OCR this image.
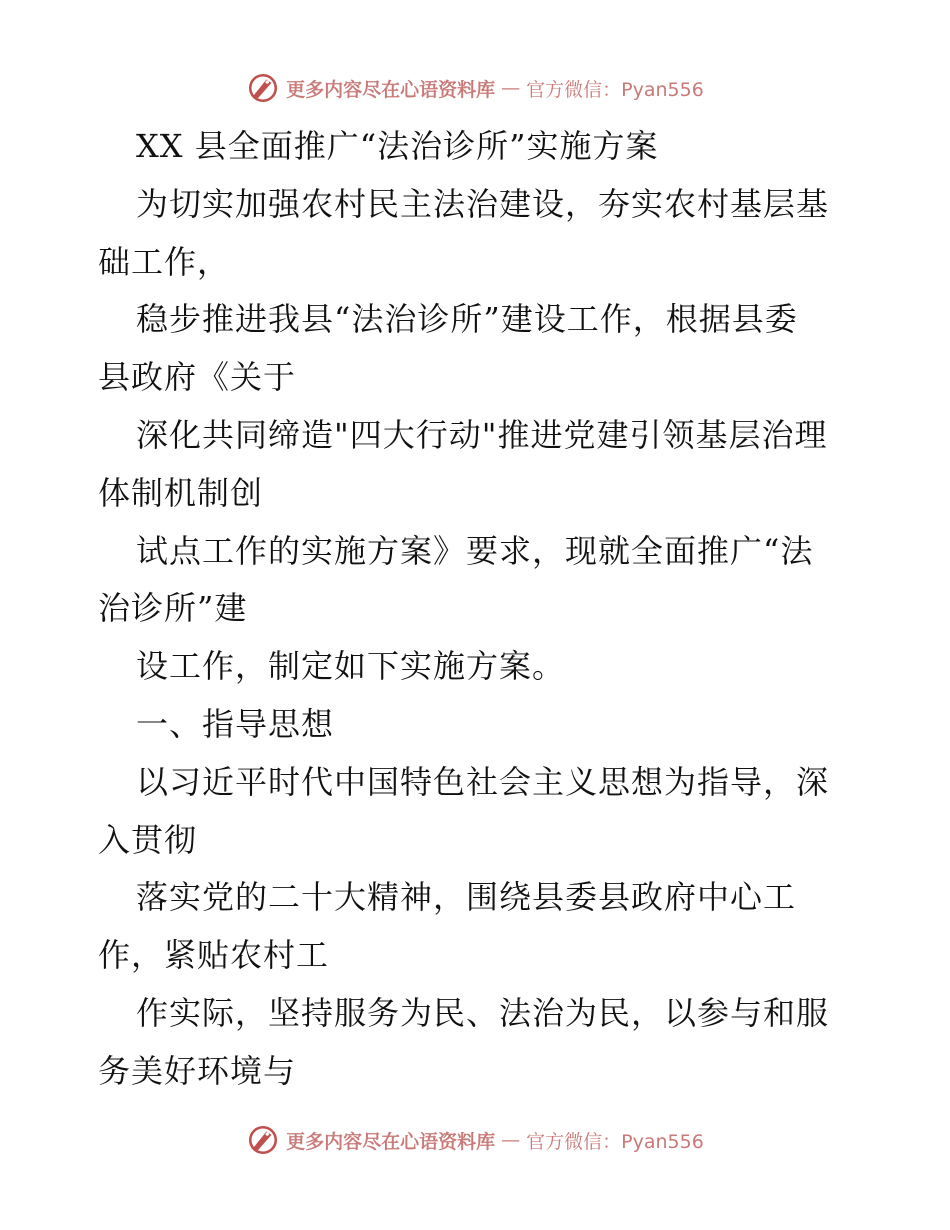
更多内容尽在心语资料库 — 官方微信：Pyan556
XX 县全面推广“法治诊所”实施方案
为切实加强农村民主法治建设，夯实农村基层基
础工作，
稳步推进我县“法治诊所”建设工作，根据县委
县政府《关于
深化共同缔造"四大行动"推进党建引领基层治理
体制机制创
试点工作的实施方案》要求，现就全面推广“法
治诊所”建
设工作，制定如下实施方案。
一、指导思想
以习近平时代中国特色社会主义思想为指导，深
入贯彻
落实党的二十大精神，围绕县委县政府中心工
作，紧贴农村工
作实际，坚持服务为民、法治为民，以参与和服
务美好环境与
更多内容尽在心语资料库 — 官方微信：Pyan556
